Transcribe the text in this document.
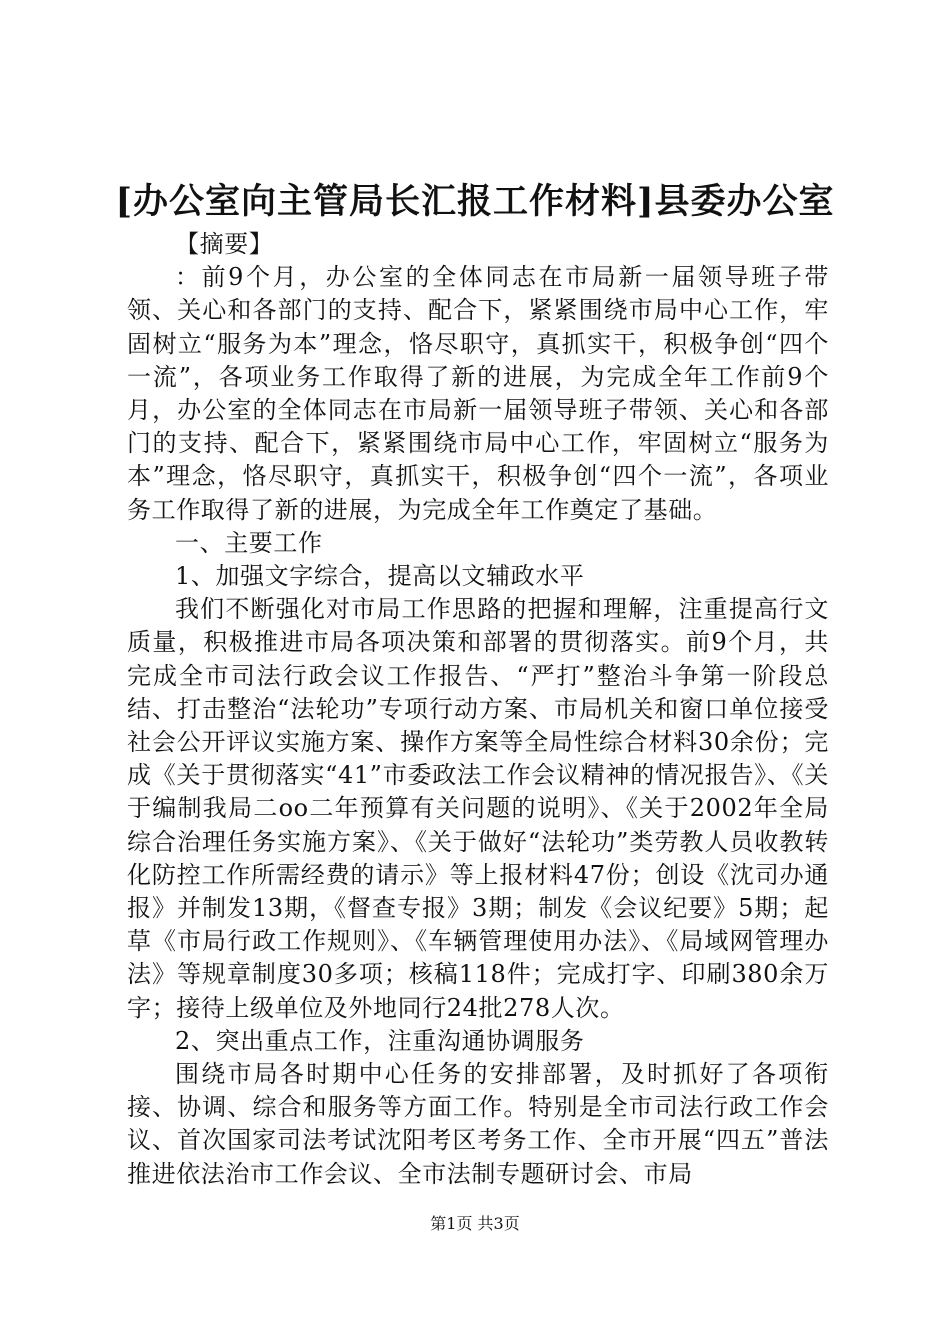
[办公室向主管局长汇报工作材料]县委办公室

【摘要】

：前9个月，办公室的全体同志在市局新一届领导班子带领、关心和各部门的支持、配合下，紧紧围绕市局中心工作，牢固树立“服务为本”理念，恪尽职守，真抓实干，积极争创“四个一流”，各项业务工作取得了新的进展，为完成全年工作前9个月，办公室的全体同志在市局新一届领导班子带领、关心和各部门的支持、配合下，紧紧围绕市局中心工作，牢固树立“服务为本”理念，恪尽职守，真抓实干，积极争创“四个一流”，各项业务工作取得了新的进展，为完成全年工作奠定了基础。

一、主要工作

1、加强文字综合，提高以文辅政水平

我们不断强化对市局工作思路的把握和理解，注重提高行文质量，积极推进市局各项决策和部署的贯彻落实。前9个月，共完成全市司法行政会议工作报告、“严打”整治斗争第一阶段总结、打击整治“法轮功”专项行动方案、市局机关和窗口单位接受社会公开评议实施方案、操作方案等全局性综合材料30余份；完成《关于贯彻落实“41”市委政法工作会议精神的情况报告》、《关于编制我局二oo二年预算有关问题的说明》、《关于2002年全局综合治理任务实施方案》、《关于做好“法轮功”类劳教人员收教转化防控工作所需经费的请示》等上报材料47份；创设《沈司办通报》并制发13期，《督查专报》3期；制发《会议纪要》5期；起草《市局行政工作规则》、《车辆管理使用办法》、《局域网管理办法》等规章制度30多项；核稿118件；完成打字、印刷380余万字；接待上级单位及外地同行24批278人次。

2、突出重点工作，注重沟通协调服务

围绕市局各时期中心任务的安排部署，及时抓好了各项衔接、协调、综合和服务等方面工作。特别是全市司法行政工作会议、首次国家司法考试沈阳考区考务工作、全市开展“四五”普法推进依法治市工作会议、全市法制专题研讨会、市局

第1页 共3页
